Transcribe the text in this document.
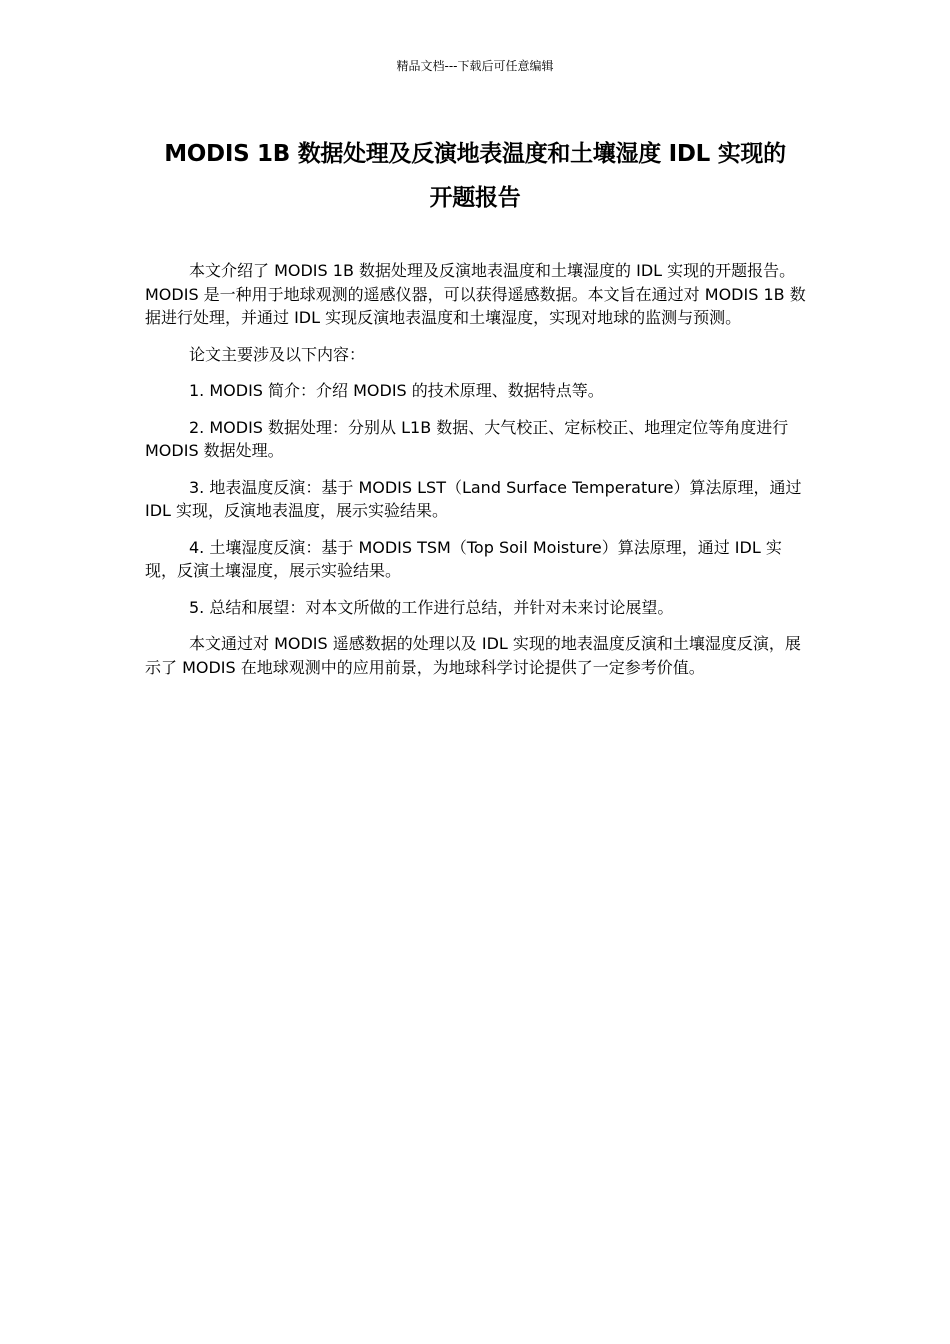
精品文档---下载后可任意编辑
MODIS 1B 数据处理及反演地表温度和土壤湿度 IDL 实现的
开题报告

本文介绍了 MODIS 1B 数据处理及反演地表温度和土壤湿度的 IDL 实现的开题报告。MODIS 是一种用于地球观测的遥感仪器，可以获得遥感数据。本文旨在通过对 MODIS 1B 数据进行处理，并通过 IDL 实现反演地表温度和土壤湿度，实现对地球的监测与预测。

论文主要涉及以下内容：

1. MODIS 简介：介绍 MODIS 的技术原理、数据特点等。

2. MODIS 数据处理：分别从 L1B 数据、大气校正、定标校正、地理定位等角度进行 MODIS 数据处理。

3. 地表温度反演：基于 MODIS LST（Land Surface Temperature）算法原理，通过 IDL 实现，反演地表温度，展示实验结果。

4. 土壤湿度反演：基于 MODIS TSM（Top Soil Moisture）算法原理，通过 IDL 实现，反演土壤湿度，展示实验结果。

5. 总结和展望：对本文所做的工作进行总结，并针对未来讨论展望。

本文通过对 MODIS 遥感数据的处理以及 IDL 实现的地表温度反演和土壤湿度反演，展示了 MODIS 在地球观测中的应用前景，为地球科学讨论提供了一定参考价值。
